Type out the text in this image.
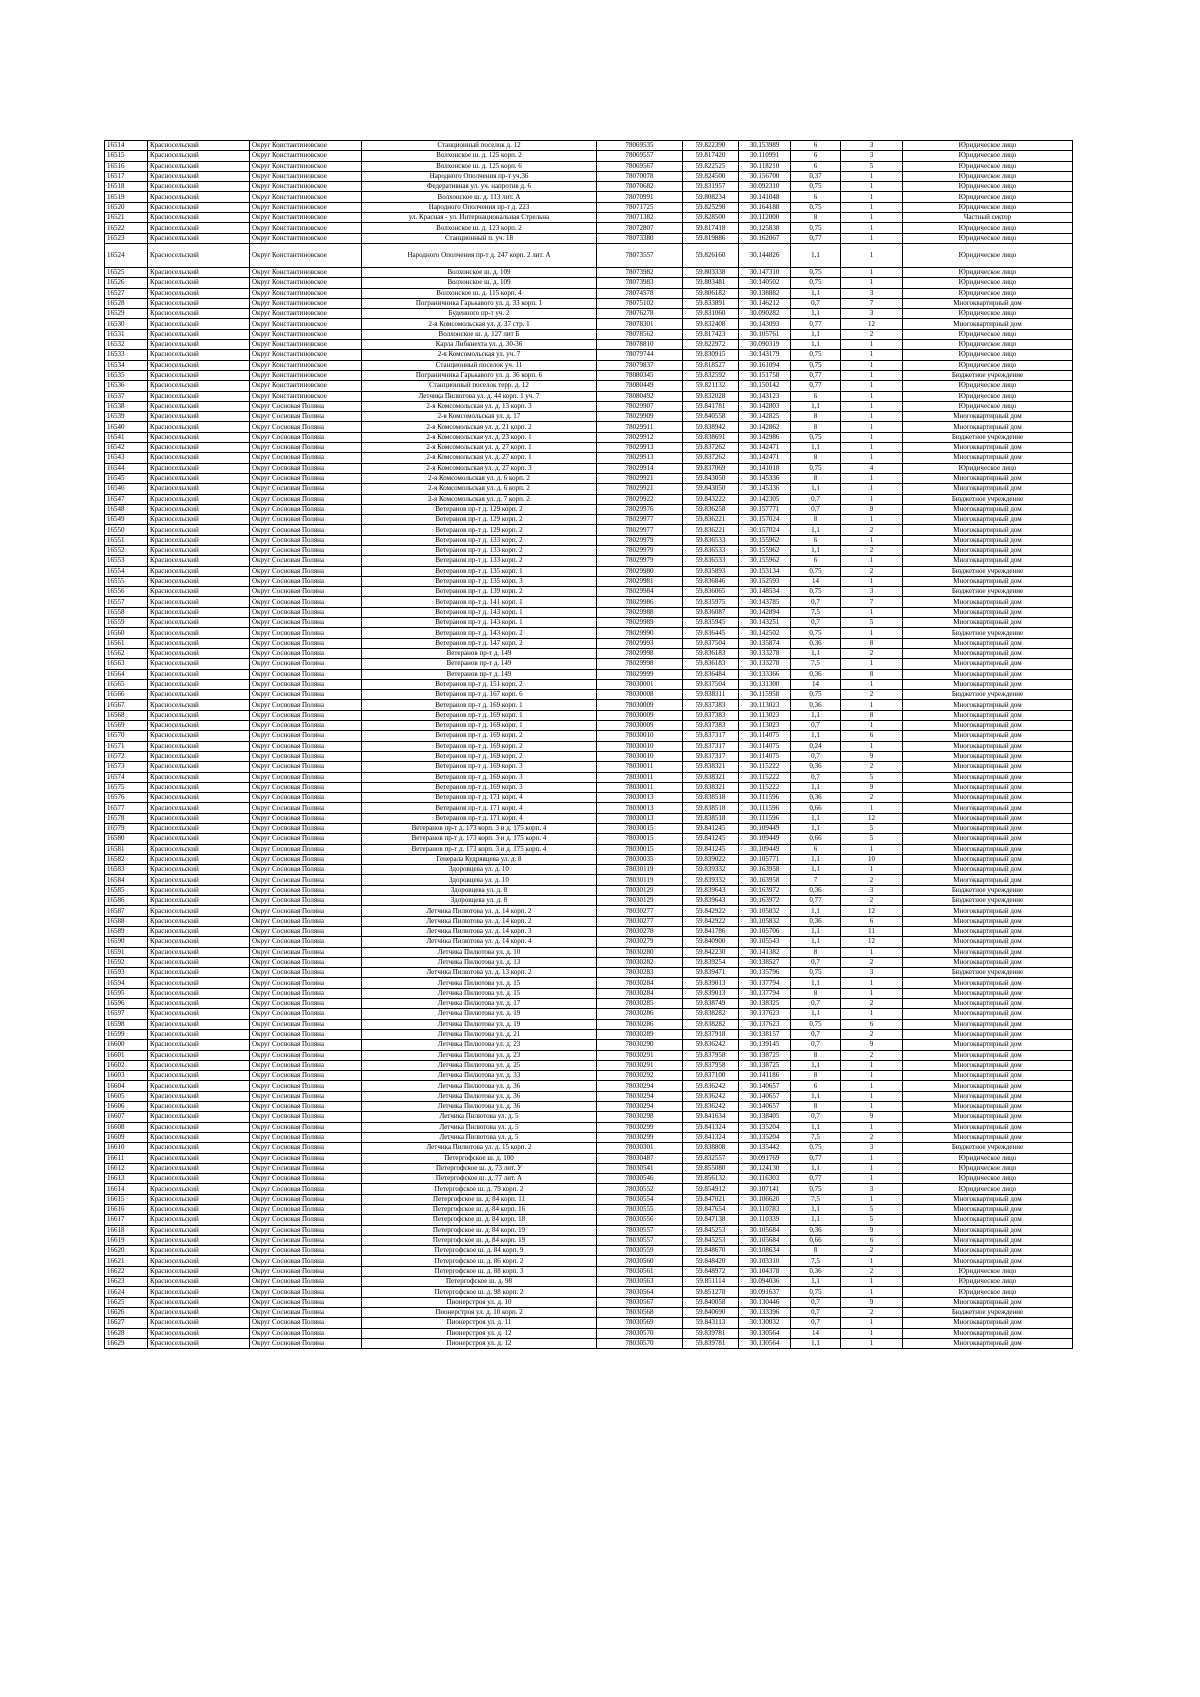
16514	Красносельский	Округ Константиновское	Станционный поселок д. 12	78069535	59.822390	30.153989	6	3	Юридическое лицо
16515	Красносельский	Округ Константиновское	Волхонское ш. д. 125 корп. 2	78069557	59.817420	30.110991	6	3	Юридическое лицо
16516	Красносельский	Округ Константиновское	Волхонское ш. д. 125 корп. 6	78069567	59.822525	30.118210	6	5	Юридическое лицо
16517	Красносельский	Округ Константиновское	Народного Ополчения пр-т уч.36	78070078	59.824500	30.156700	0,37	1	Юридическое лицо
16518	Красносельский	Округ Константиновское	Федеративная ул. уч. напротив д. 6	78070682	59.831957	30.092310	0,75	1	Юридическое лицо
16519	Красносельский	Округ Константиновское	Волхонское ш. д. 113 лит. А	78070991	59.808234	30.141048	6	1	Юридическое лицо
16520	Красносельский	Округ Константиновское	Народного Ополчения пр-т д. 223	78071725	59.825298	30.164188	0,75	1	Юридическое лицо
16521	Красносельский	Округ Константиновское	ул. Красная - ул. Интернациональная Стрельна	78071382	59.828500	30.112000	8	1	Частный сектор
16522	Красносельский	Округ Константиновское	Волхонское ш. д. 123 корп. 2	78072807	59.817418	30.125838	0,75	1	Юридическое лицо
16523	Красносельский	Округ Константиновское	Станционный п. уч. 18	78073380	59.819886	30.162067	0,77	1	Юридическое лицо
16524	Красносельский	Округ Константиновское	Народного Ополчения пр-т д. 247 корп. 2 лит. А	78073557	59.826160	30.144826	1,1	1	Юридическое лицо
16525	Красносельский	Округ Константиновское	Волхонское ш. д. 109	78073982	59.803338	30.147310	0,75	1	Юридическое лицо
16526	Красносельский	Округ Константиновское	Волхонское ш. д. 109	78073983	59.803481	30.140502	0,75	1	Юридическое лицо
16527	Красносельский	Округ Константиновское	Волхонское ш. д. 115 корп. 4	78074578	59.806182	30.138882	1,1	3	Юридическое лицо
16528	Красносельский	Округ Константиновское	Пограничника Гарькавого ул. д. 33 корп. 1	78075102	59.833891	30.146212	0,7	7	Многоквартирный дом
16529	Красносельский	Округ Константиновское	Буденного пр-т уч. 2	78076278	59.831060	30.090282	1,1	3	Юридическое лицо
16530	Красносельский	Округ Константиновское	2-я Комсомольская ул. д. 37 стр. 1	78078301	59.832408	30.143093	0,77	12	Многоквартирный дом
16531	Красносельский	Округ Константиновское	Волхонское ш. д. 127 лит Б	78078562	59.817423	30.105761	1,1	2	Юридическое лицо
16532	Красносельский	Округ Константиновское	Карла Либкнехта ул. д. 30-36	78078810	59.822972	30.090319	1,1	1	Юридическое лицо
16533	Красносельский	Округ Константиновское	2-я Комсомольская ул. уч. 7	78079744	59.830915	30.143179	0,75	1	Юридическое лицо
16534	Красносельский	Округ Константиновское	Станционный поселок уч. 11	78079837	59.818527	30.161094	0,75	1	Юридическое лицо
16535	Красносельский	Округ Константиновское	Пограничника Гарькавого ул. д. 36 корп. 6	78080345	59.832592	30.151758	0,77	1	Бюджетное учреждение
16536	Красносельский	Округ Константиновское	Станционный поселок терр. д. 12	78080449	59.821132	30.150142	0,77	1	Юридическое лицо
16537	Красносельский	Округ Константиновское	Летчика Пилютова ул. д. 44 корп. 1 уч. 7	78080492	59.832028	30.143123	6	1	Юридическое лицо
16538	Красносельский	Округ Сосновая Поляна	2-я Комсомольская ул. д. 13 корп. 3	78029907	59.841781	30.142803	1,1	1	Юридическое лицо
16539	Красносельский	Округ Сосновая Поляна	2-я Комсомольская ул. д. 17	78029909	59.840558	30.142825	8	1	Многоквартирный дом
16540	Красносельский	Округ Сосновая Поляна	2-я Комсомольская ул. д. 21 корп. 2	78029911	59.838942	30.142862	8	1	Многоквартирный дом
16541	Красносельский	Округ Сосновая Поляна	2-я Комсомольская ул. д. 23 корп. 1	78029912	59.838691	30.142986	0,75	1	Бюджетное учреждение
16542	Красносельский	Округ Сосновая Поляна	2-я Комсомольская ул. д. 27 корп. 1	78029913	59.837262	30.142471	1,1	1	Многоквартирный дом
16543	Красносельский	Округ Сосновая Поляна	2-я Комсомольская ул. д. 27 корп. 1	78029913	59.837262	30.142471	8	1	Многоквартирный дом
16544	Красносельский	Округ Сосновая Поляна	2-я Комсомольская ул. д. 27 корп. 3	78029914	59.837069	30.141018	0,75	4	Юридическое лицо
16545	Красносельский	Округ Сосновая Поляна	2-я Комсомольская ул. д. 6 корп. 2	78029921	59.843050	30.145336	8	1	Многоквартирный дом
16546	Красносельский	Округ Сосновая Поляна	2-я Комсомольская ул. д. 6 корп. 2	78029921	59.843050	30.145336	1,1	1	Многоквартирный дом
16547	Красносельский	Округ Сосновая Поляна	2-я Комсомольская ул. д. 7 корп. 2	78029922	59.843222	30.142305	0,7	1	Бюджетное учреждение
16548	Красносельский	Округ Сосновая Поляна	Ветеранов пр-т д. 129 корп. 2	78029976	59.836258	30.157771	0,7	9	Многоквартирный дом
16549	Красносельский	Округ Сосновая Поляна	Ветеранов пр-т д. 129 корп. 2	78029977	59.836221	30.157024	8	1	Многоквартирный дом
16550	Красносельский	Округ Сосновая Поляна	Ветеранов пр-т д. 129 корп. 2	78029977	59.836221	30.157024	1,1	2	Многоквартирный дом
16551	Красносельский	Округ Сосновая Поляна	Ветеранов пр-т д. 133 корп. 2	78029979	59.836533	30.155962	6	1	Многоквартирный дом
16552	Красносельский	Округ Сосновая Поляна	Ветеранов пр-т д. 133 корп. 2	78029979	59.836533	30.155962	1,1	2	Многоквартирный дом
16553	Красносельский	Округ Сосновая Поляна	Ветеранов пр-т д. 133 корп. 2	78029979	59.836533	30.155962	6	1	Многоквартирный дом
16554	Красносельский	Округ Сосновая Поляна	Ветеранов пр-т д. 135 корп. 1	78029980	59.835893	30.153134	0,75	2	Бюджетное учреждение
16555	Красносельский	Округ Сосновая Поляна	Ветеранов пр-т д. 135 корп. 3	78029981	59.836846	30.152593	14	1	Многоквартирный дом
16556	Красносельский	Округ Сосновая Поляна	Ветеранов пр-т д. 139 корп. 2	78029984	59.836065	30.148534	0,75	3	Бюджетное учреждение
16557	Красносельский	Округ Сосновая Поляна	Ветеранов пр-т д. 141 корп. 1	78029986	59.835975	30.143785	0,7	7	Многоквартирный дом
16558	Красносельский	Округ Сосновая Поляна	Ветеранов пр-т д. 143 корп. 1	78029988	59.836087	30.142894	7,5	1	Многоквартирный дом
16559	Красносельский	Округ Сосновая Поляна	Ветеранов пр-т д. 143 корп. 1	78029989	59.835945	30.143251	0,7	5	Многоквартирный дом
16560	Красносельский	Округ Сосновая Поляна	Ветеранов пр-т д. 143 корп. 2	78029990	59.836445	30.142502	0,75	1	Бюджетное учреждение
16561	Красносельский	Округ Сосновая Поляна	Ветеранов пр-т д. 147 корп. 2	78029993	59.837504	30.135874	0,36	8	Многоквартирный дом
16562	Красносельский	Округ Сосновая Поляна	Ветеранов пр-т д. 149	78029998	59.836183	30.133278	1,1	2	Многоквартирный дом
16563	Красносельский	Округ Сосновая Поляна	Ветеранов пр-т д. 149	78029998	59.836183	30.133278	7,5	1	Многоквартирный дом
16564	Красносельский	Округ Сосновая Поляна	Ветеранов пр-т д. 149	78029999	59.836484	30.133366	0,36	8	Многоквартирный дом
16565	Красносельский	Округ Сосновая Поляна	Ветеранов пр-т д. 151 корп. 2	78030001	59.837504	30.131300	14	1	Многоквартирный дом
16566	Красносельский	Округ Сосновая Поляна	Ветеранов пр-т д. 167 корп. 6	78030008	59.838311	30.115958	0,75	2	Бюджетное учреждение
16567	Красносельский	Округ Сосновая Поляна	Ветеранов пр-т д. 169 корп. 1	78030009	59.837383	30.113023	0,36	1	Многоквартирный дом
16568	Красносельский	Округ Сосновая Поляна	Ветеранов пр-т д. 169 корп. 1	78030009	59.837383	30.113023	1,1	8	Многоквартирный дом
16569	Красносельский	Округ Сосновая Поляна	Ветеранов пр-т д. 169 корп. 1	78030009	59.837383	30.113023	0,7	1	Многоквартирный дом
16570	Красносельский	Округ Сосновая Поляна	Ветеранов пр-т д. 169 корп. 2	78030010	59.837317	30.114075	1,1	6	Многоквартирный дом
16571	Красносельский	Округ Сосновая Поляна	Ветеранов пр-т д. 169 корп. 2	78030010	59.837317	30.114075	0,24	1	Многоквартирный дом
16572	Красносельский	Округ Сосновая Поляна	Ветеранов пр-т д. 169 корп. 2	78030010	59.837317	30.114075	0,7	9	Многоквартирный дом
16573	Красносельский	Округ Сосновая Поляна	Ветеранов пр-т д. 169 корп. 3	78030011	59.838321	30.115222	0,36	2	Многоквартирный дом
16574	Красносельский	Округ Сосновая Поляна	Ветеранов пр-т д. 169 корп. 3	78030011	59.838321	30.115222	0,7	5	Многоквартирный дом
16575	Красносельский	Округ Сосновая Поляна	Ветеранов пр-т д. 169 корп. 3	78030011	59.838321	30.115222	1,1	9	Многоквартирный дом
16576	Красносельский	Округ Сосновая Поляна	Ветеранов пр-т д. 171 корп. 4	78030013	59.838518	30.111596	0,36	2	Многоквартирный дом
16577	Красносельский	Округ Сосновая Поляна	Ветеранов пр-т д. 171 корп. 4	78030013	59.838518	30.111596	0,66	1	Многоквартирный дом
16578	Красносельский	Округ Сосновая Поляна	Ветеранов пр-т д. 171 корп. 4	78030013	59.838518	30.111596	1,1	12	Многоквартирный дом
16579	Красносельский	Округ Сосновая Поляна	Ветеранов пр-т д. 173 корп. 3 и д. 175 корп. 4	78030015	59.841245	30.109449	1,1	5	Многоквартирный дом
16580	Красносельский	Округ Сосновая Поляна	Ветеранов пр-т д. 173 корп. 3 и д. 175 корп. 4	78030015	59.841245	30.109449	0,66	5	Многоквартирный дом
16581	Красносельский	Округ Сосновая Поляна	Ветеранов пр-т д. 173 корп. 3 и д. 175 корп. 4	78030015	59.841245	30.109449	6	1	Многоквартирный дом
16582	Красносельский	Округ Сосновая Поляна	Генерала Кудрявцева ул. д. 8	78030035	59.839022	30.105771	1,1	10	Многоквартирный дом
16583	Красносельский	Округ Сосновая Поляна	Здоровцева ул. д. 10	78030119	59.839332	30.163958	1,1	1	Многоквартирный дом
16584	Красносельский	Округ Сосновая Поляна	Здоровцева ул. д. 10	78030119	59.839332	30.163958	7	2	Многоквартирный дом
16585	Красносельский	Округ Сосновая Поляна	Здоровцева ул. д. 8	78030129	59.839643	30.163972	0,36	3	Бюджетное учреждение
16586	Красносельский	Округ Сосновая Поляна	Здоровцева ул. д. 8	78030129	59.839643	30.163972	0,77	2	Бюджетное учреждение
16587	Красносельский	Округ Сосновая Поляна	Летчика Пилютова ул. д. 14 корп. 2	78030277	59.842922	30.105832	1,1	12	Многоквартирный дом
16588	Красносельский	Округ Сосновая Поляна	Летчика Пилютова ул. д. 14 корп. 2	78030277	59.842922	30.105832	0,36	6	Многоквартирный дом
16589	Красносельский	Округ Сосновая Поляна	Летчика Пилютова ул. д. 14 корп. 3	78030278	59.841786	30.105706	1,1	11	Многоквартирный дом
16590	Красносельский	Округ Сосновая Поляна	Летчика Пилютова ул. д. 14 корп. 4	78030279	59.840900	30.105543	1,1	12	Многоквартирный дом
16591	Красносельский	Округ Сосновая Поляна	Летчика Пилютова ул. д. 10	78030280	59.842230	30.141382	8	1	Многоквартирный дом
16592	Красносельский	Округ Сосновая Поляна	Летчика Пилютова ул. д. 13	78030282	59.839254	30.138527	0,7	2	Многоквартирный дом
16593	Красносельский	Округ Сосновая Поляна	Летчика Пилютова ул. д. 13 корп. 2	78030283	59.839471	30.135796	0,75	3	Бюджетное учреждение
16594	Красносельский	Округ Сосновая Поляна	Летчика Пилютова ул. д. 15	78030284	59.839013	30.137794	1,1	1	Многоквартирный дом
16595	Красносельский	Округ Сосновая Поляна	Летчика Пилютова ул. д. 15	78030284	59.839013	30.137794	8	1	Многоквартирный дом
16596	Красносельский	Округ Сосновая Поляна	Летчика Пилютова ул. д. 17	78030285	59.838749	30.138325	0,7	2	Многоквартирный дом
16597	Красносельский	Округ Сосновая Поляна	Летчика Пилютова ул. д. 19	78030286	59.838282	30.137623	1,1	1	Многоквартирный дом
16598	Красносельский	Округ Сосновая Поляна	Летчика Пилютова ул. д. 19	78030286	59.838282	30.137623	0,75	6	Многоквартирный дом
16599	Красносельский	Округ Сосновая Поляна	Летчика Пилютова ул. д. 21	78030289	59.837918	30.138157	0,7	2	Многоквартирный дом
16600	Красносельский	Округ Сосновая Поляна	Летчика Пилютова ул. д. 23	78030290	59.836242	30.139145	0,7	9	Многоквартирный дом
16601	Красносельский	Округ Сосновая Поляна	Летчика Пилютова ул. д. 23	78030291	59.837958	30.138725	8	2	Многоквартирный дом
16602	Красносельский	Округ Сосновая Поляна	Летчика Пилютова ул. д. 25	78030291	59.837958	30.138725	1,1	1	Многоквартирный дом
16603	Красносельский	Округ Сосновая Поляна	Летчика Пилютова ул. д. 33	78030292	59.837100	30.141186	8	1	Многоквартирный дом
16604	Красносельский	Округ Сосновая Поляна	Летчика Пилютова ул. д. 36	78030294	59.836242	30.140657	6	1	Многоквартирный дом
16605	Красносельский	Округ Сосновая Поляна	Летчика Пилютова ул. д. 36	78030294	59.836242	30.140657	1,1	1	Многоквартирный дом
16606	Красносельский	Округ Сосновая Поляна	Летчика Пилютова ул. д. 36	78030294	59.836242	30.140657	8	1	Многоквартирный дом
16607	Красносельский	Округ Сосновая Поляна	Летчика Пилютова ул. д. 5	78030298	59.841634	30.138405	0,7	9	Многоквартирный дом
16608	Красносельский	Округ Сосновая Поляна	Летчика Пилютова ул. д. 5	78030299	59.841324	30.135204	1,1	1	Многоквартирный дом
16609	Красносельский	Округ Сосновая Поляна	Летчика Пилютова ул. д. 5	78030299	59.841324	30.135204	7,5	2	Многоквартирный дом
16610	Красносельский	Округ Сосновая Поляна	Летчика Пилютова ул. д. 15 корп. 2	78030301	59.838808	30.135442	0,75	3	Бюджетное учреждение
16611	Красносельский	Округ Сосновая Поляна	Петергофское ш. д. 100	78030487	59.832557	30.091769	0,77	1	Юридическое лицо
16612	Красносельский	Округ Сосновая Поляна	Петергофское ш. д. 73 лит. У	78030541	59.855080	30.124130	1,1	1	Юридическое лицо
16613	Красносельский	Округ Сосновая Поляна	Петергофское ш. д. 77 лит. А	78030546	59.856132	30.116303	0,77	1	Юридическое лицо
16614	Красносельский	Округ Сосновая Поляна	Петергофское ш. д. 79 корп. 2	78030552	59.854912	30.107141	0,75	3	Юридическое лицо
16615	Красносельский	Округ Сосновая Поляна	Петергофское ш. д. 84 корп. 11	78030554	59.847021	30.106620	7,5	1	Многоквартирный дом
16616	Красносельский	Округ Сосновая Поляна	Петергофское ш. д. 84 корп. 16	78030555	59.847654	30.110783	1,1	5	Многоквартирный дом
16617	Красносельский	Округ Сосновая Поляна	Петергофское ш. д. 84 корп. 18	78030556	59.847138	30.110339	1,1	5	Многоквартирный дом
16618	Красносельский	Округ Сосновая Поляна	Петергофское ш. д. 84 корп. 19	78030557	59.845253	30.105684	0,36	9	Многоквартирный дом
16619	Красносельский	Округ Сосновая Поляна	Петергофское ш. д. 84 корп. 19	78030557	59.845253	30.105684	0,66	6	Многоквартирный дом
16620	Красносельский	Округ Сосновая Поляна	Петергофское ш. д. 84 корп. 9	78030559	59.848670	30.108634	8	2	Многоквартирный дом
16621	Красносельский	Округ Сосновая Поляна	Петергофское ш. д. 86 корп. 2	78030560	59.848420	30.103310	7,5	1	Многоквартирный дом
16622	Красносельский	Округ Сосновая Поляна	Петергофское ш. д. 88 корп. 3	78030561	59.848972	30.104378	0,36	2	Юридическое лицо
16623	Красносельский	Округ Сосновая Поляна	Петергофское ш. д. 98	78030563	59.851114	30.094036	1,1	1	Юридическое лицо
16624	Красносельский	Округ Сосновая Поляна	Петергофское ш. д. 98 корп. 2	78030564	59.851278	30.091637	0,75	1	Юридическое лицо
16625	Красносельский	Округ Сосновая Поляна	Пионерстроя ул. д. 10	78030567	59.840058	30.130446	0,7	9	Многоквартирный дом
16626	Красносельский	Округ Сосновая Поляна	Пионерстроя ул. д. 10 корп. 2	78030568	59.840690	30.133396	0,7	2	Бюджетное учреждение
16627	Красносельский	Округ Сосновая Поляна	Пионерстроя ул. д. 11	78030569	59.843113	30.130032	0,7	1	Многоквартирный дом
16628	Красносельский	Округ Сосновая Поляна	Пионерстроя ул. д. 12	78030570	59.839781	30.130564	14	1	Многоквартирный дом
16629	Красносельский	Округ Сосновая Поляна	Пионерстроя ул. д. 12	78030570	59.839781	30.130564	1,1	1	Многоквартирный дом
